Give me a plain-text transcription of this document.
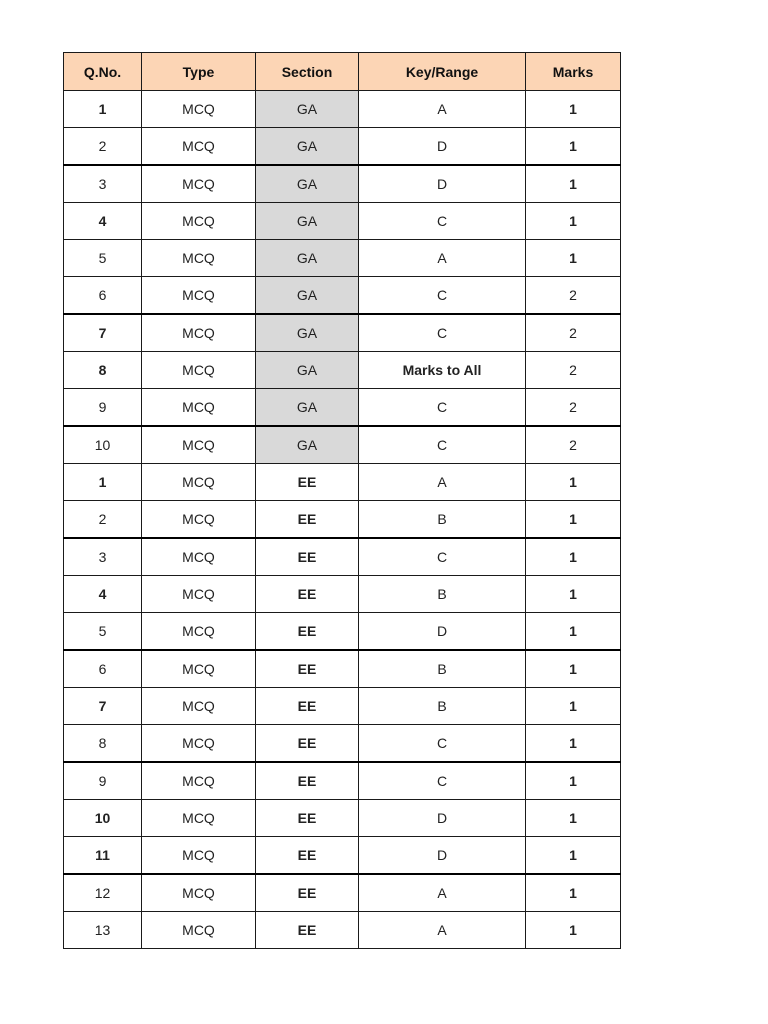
Q.No.	Type	Section	Key/Range	Marks
1	MCQ	GA	A	1
2	MCQ	GA	D	1
3	MCQ	GA	D	1
4	MCQ	GA	C	1
5	MCQ	GA	A	1
6	MCQ	GA	C	2
7	MCQ	GA	C	2
8	MCQ	GA	Marks to All	2
9	MCQ	GA	C	2
10	MCQ	GA	C	2
1	MCQ	EE	A	1
2	MCQ	EE	B	1
3	MCQ	EE	C	1
4	MCQ	EE	B	1
5	MCQ	EE	D	1
6	MCQ	EE	B	1
7	MCQ	EE	B	1
8	MCQ	EE	C	1
9	MCQ	EE	C	1
10	MCQ	EE	D	1
11	MCQ	EE	D	1
12	MCQ	EE	A	1
13	MCQ	EE	A	1
